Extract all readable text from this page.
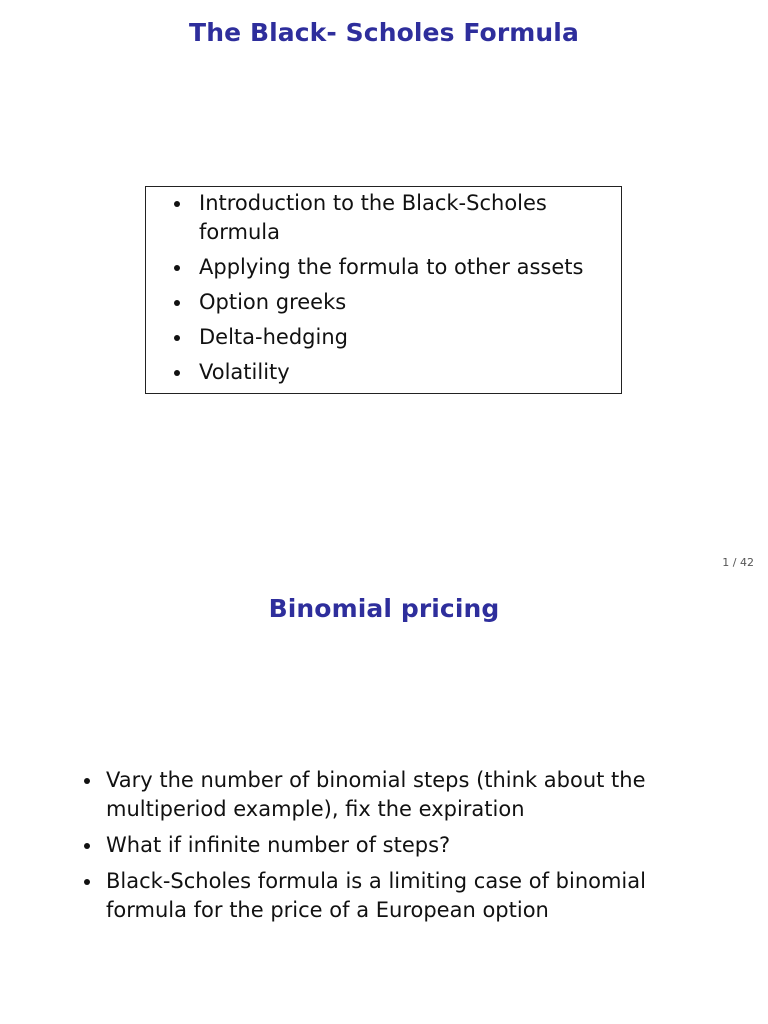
The Black- Scholes Formula
Introduction to the Black-Scholes formula
Applying the formula to other assets
Option greeks
Delta-hedging
Volatility
1 / 42
Binomial pricing
Vary the number of binomial steps (think about the multiperiod example), fix the expiration
What if infinite number of steps?
Black-Scholes formula is a limiting case of binomial formula for the price of a European option
